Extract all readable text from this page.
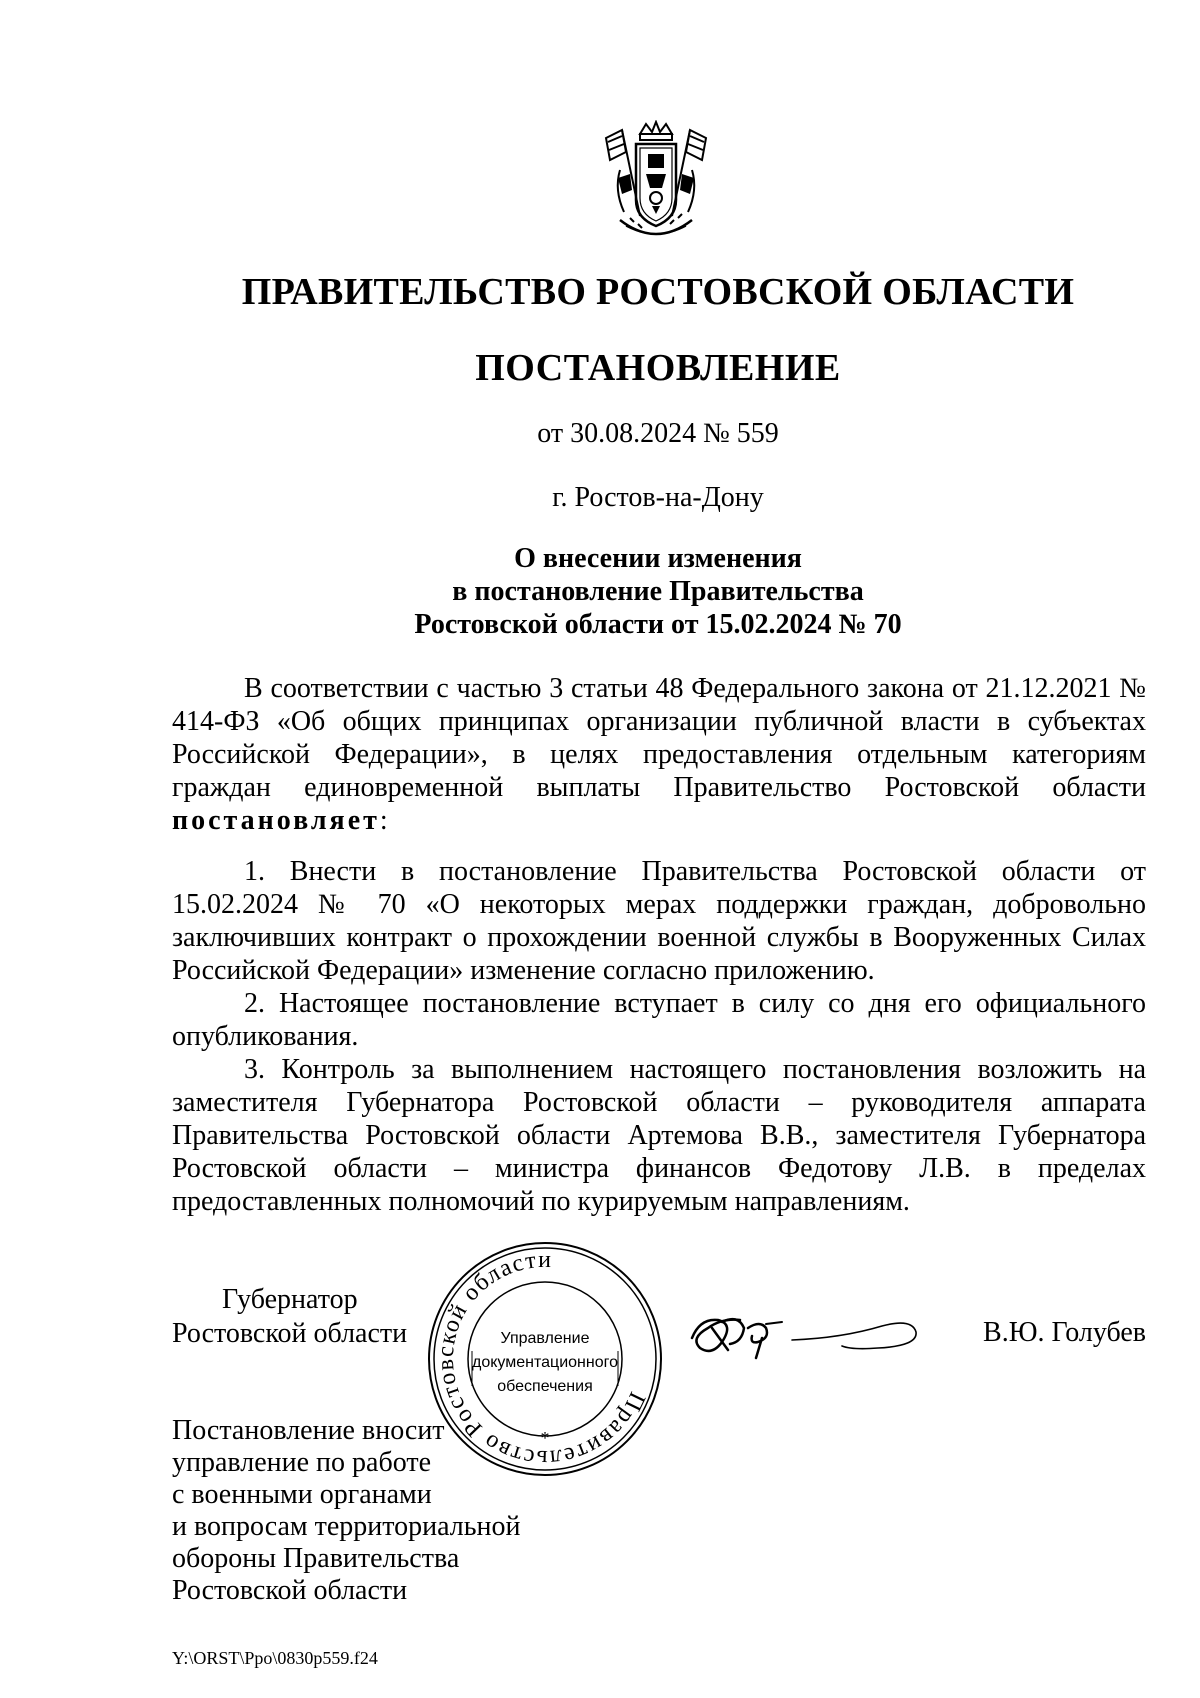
ПРАВИТЕЛЬСТВО РОСТОВСКОЙ ОБЛАСТИ
ПОСТАНОВЛЕНИЕ
от 30.08.2024 № 559
г. Ростов-на-Дону
О внесении изменения
в постановление Правительства
Ростовской области от 15.02.2024 № 70

В соответствии с частью 3 статьи 48 Федерального закона от 21.12.2021 № 414-ФЗ «Об общих принципах организации публичной власти в субъектах Российской Федерации», в целях предоставления отдельным категориям граждан единовременной выплаты Правительство Ростовской области постановляет:

1. Внести в постановление Правительства Ростовской области от 15.02.2024 № 70 «О некоторых мерах поддержки граждан, добровольно заключивших контракт о прохождении военной службы в Вооруженных Силах Российской Федерации» изменение согласно приложению.

2. Настоящее постановление вступает в силу со дня его официального опубликования.

3. Контроль за выполнением настоящего постановления возложить на заместителя Губернатора Ростовской области – руководителя аппарата Правительства Ростовской области Артемова В.В., заместителя Губернатора Ростовской области – министра финансов Федотову Л.В. в пределах предоставленных полномочий по курируемым направлениям.

Губернатор
Ростовской области
Правительство Ростовской области
*
Управление
документационного
обеспечения
В.Ю. Голубев
Постановление вносит
управление по работе
с военными органами
и вопросам территориальной
обороны Правительства
Ростовской области
Y:\ORST\Ppo\0830p559.f24
